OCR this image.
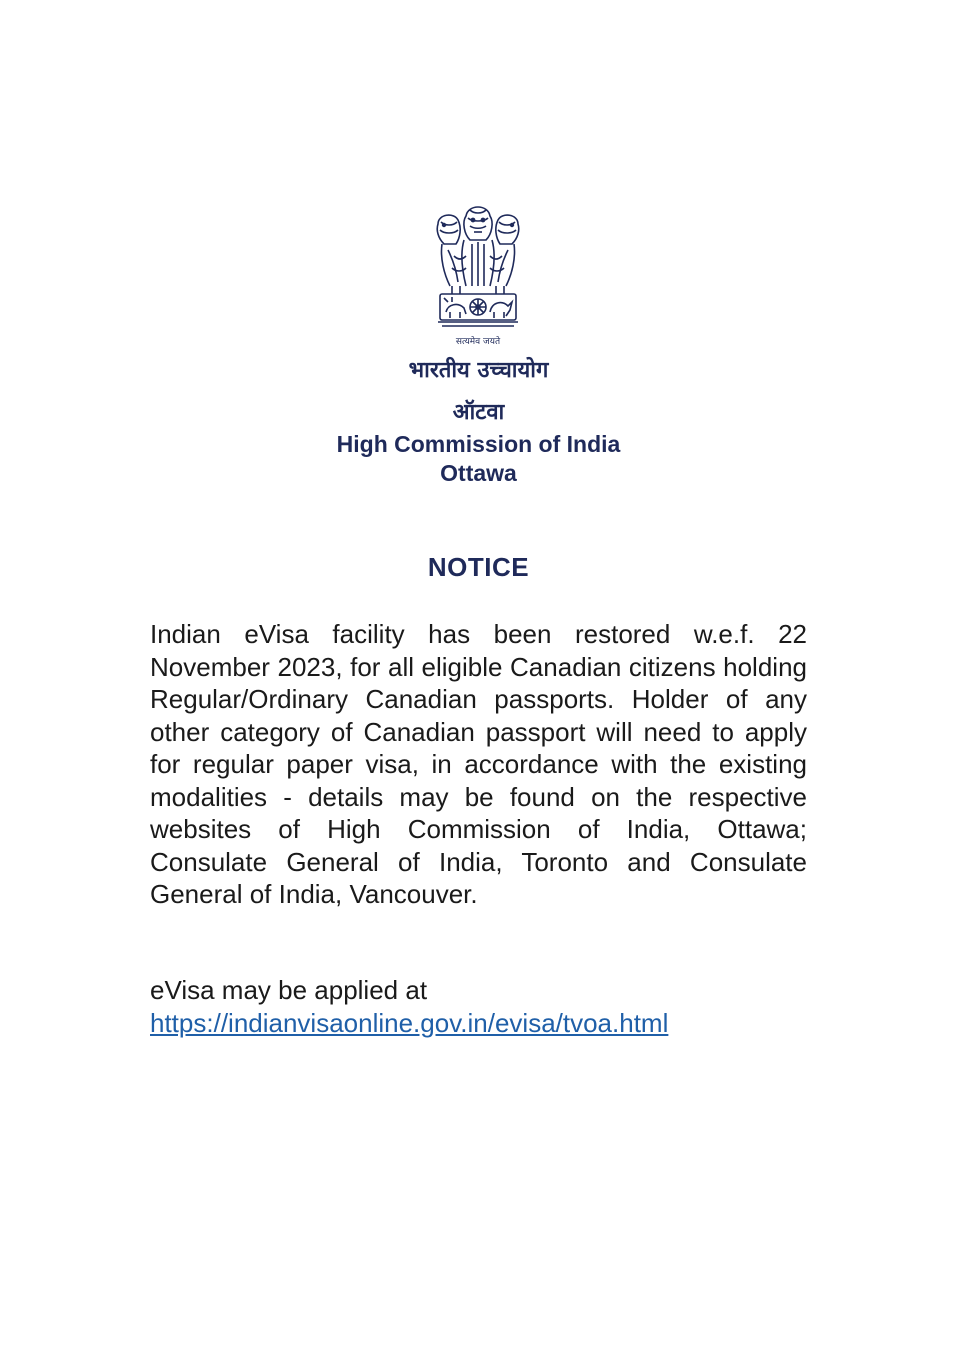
सत्यमेव जयते
भारतीय उच्चायोग
ऑटवा
High Commission of India
Ottawa
NOTICE
Indian eVisa facility has been restored w.e.f. 22 November 2023, for all eligible Canadian citizens holding Regular/Ordinary Canadian passports. Holder of any other category of Canadian passport will need to apply for regular paper visa, in accordance with the existing modalities - details may be found on the respective websites of High Commission of India, Ottawa; Consulate General of India, Toronto and Consulate General of India, Vancouver.
eVisa may be applied at
https://indianvisaonline.gov.in/evisa/tvoa.html
